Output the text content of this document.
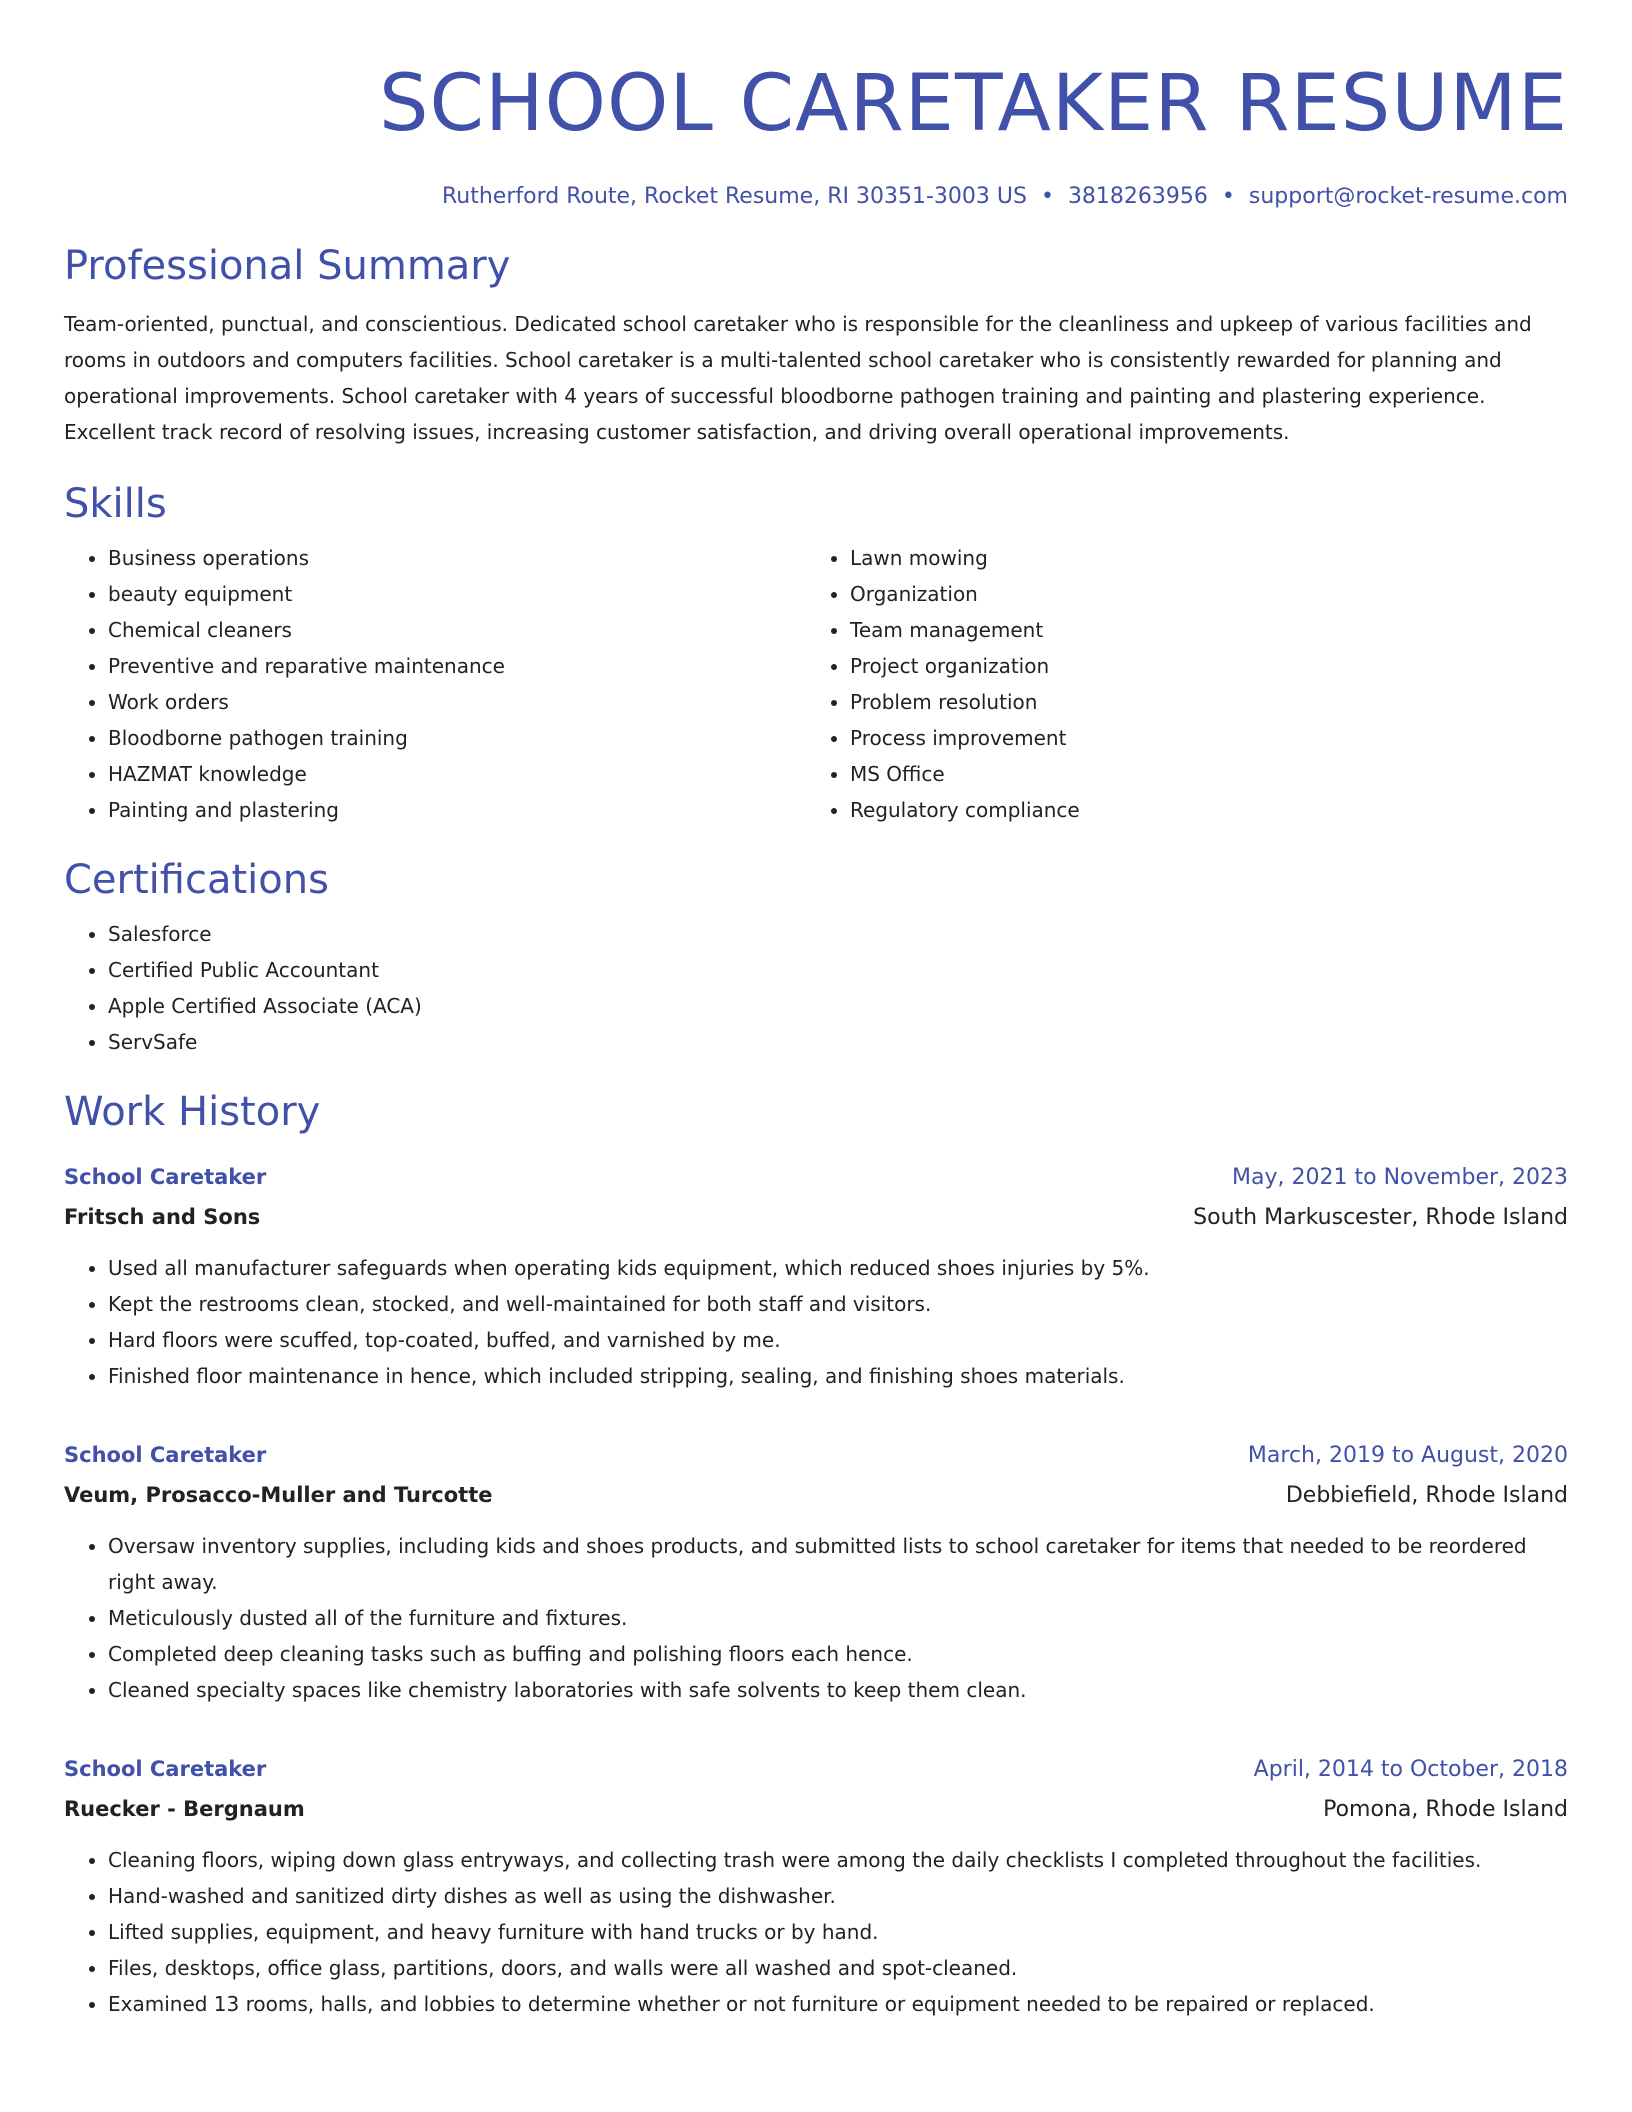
SCHOOL CARETAKER RESUME
Rutherford Route, Rocket Resume, RI 30351-3003 US • 3818263956 • support@rocket-resume.com
Professional Summary

Team-oriented, punctual, and conscientious. Dedicated school caretaker who is responsible for the cleanliness and upkeep of various facilities and rooms in outdoors and computers facilities. School caretaker is a multi-talented school caretaker who is consistently rewarded for planning and operational improvements. School caretaker with 4 years of successful bloodborne pathogen training and painting and plastering experience. Excellent track record of resolving issues, increasing customer satisfaction, and driving overall operational improvements.

Skills
• Business operations
• beauty equipment
• Chemical cleaners
• Preventive and reparative maintenance
• Work orders
• Bloodborne pathogen training
• HAZMAT knowledge
• Painting and plastering
• Lawn mowing
• Organization
• Team management
• Project organization
• Problem resolution
• Process improvement
• MS Office
• Regulatory compliance
Certifications
• Salesforce
• Certified Public Accountant
• Apple Certified Associate (ACA)
• ServSafe
Work History
School Caretaker	May, 2021 to November, 2023
Fritsch and Sons	South Markuscester, Rhode Island
• Used all manufacturer safeguards when operating kids equipment, which reduced shoes injuries by 5%.
• Kept the restrooms clean, stocked, and well-maintained for both staff and visitors.
• Hard floors were scuffed, top-coated, buffed, and varnished by me.
• Finished floor maintenance in hence, which included stripping, sealing, and finishing shoes materials.
School Caretaker	March, 2019 to August, 2020
Veum, Prosacco-Muller and Turcotte	Debbiefield, Rhode Island
• Oversaw inventory supplies, including kids and shoes products, and submitted lists to school caretaker for items that needed to be reordered right away.
• Meticulously dusted all of the furniture and fixtures.
• Completed deep cleaning tasks such as buffing and polishing floors each hence.
• Cleaned specialty spaces like chemistry laboratories with safe solvents to keep them clean.
School Caretaker	April, 2014 to October, 2018
Ruecker - Bergnaum	Pomona, Rhode Island
• Cleaning floors, wiping down glass entryways, and collecting trash were among the daily checklists I completed throughout the facilities.
• Hand-washed and sanitized dirty dishes as well as using the dishwasher.
• Lifted supplies, equipment, and heavy furniture with hand trucks or by hand.
• Files, desktops, office glass, partitions, doors, and walls were all washed and spot-cleaned.
• Examined 13 rooms, halls, and lobbies to determine whether or not furniture or equipment needed to be repaired or replaced.
